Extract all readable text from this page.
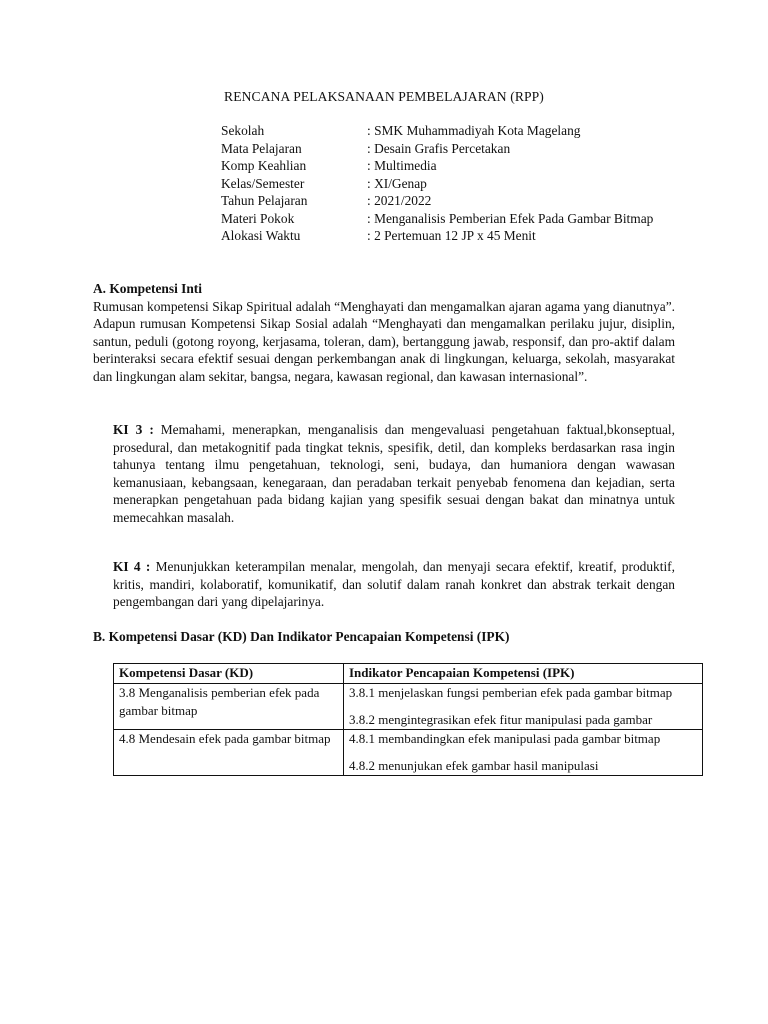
RENCANA PELAKSANAAN PEMBELAJARAN (RPP)
Sekolah	: SMK Muhammadiyah Kota Magelang
Mata Pelajaran	: Desain Grafis Percetakan
Komp Keahlian	: Multimedia
Kelas/Semester	: XI/Genap
Tahun Pelajaran	: 2021/2022
Materi Pokok	: Menganalisis Pemberian Efek Pada Gambar Bitmap
Alokasi Waktu	: 2 Pertemuan 12 JP x 45 Menit
A. Kompetensi Inti
Rumusan kompetensi Sikap Spiritual adalah “Menghayati dan mengamalkan ajaran agama yang dianutnya”. Adapun rumusan Kompetensi Sikap Sosial adalah “Menghayati dan mengamalkan perilaku jujur, disiplin, santun, peduli (gotong royong, kerjasama, toleran, dam), bertanggung jawab, responsif, dan pro-aktif dalam berinteraksi secara efektif sesuai dengan perkembangan anak di lingkungan, keluarga, sekolah, masyarakat dan lingkungan alam sekitar, bangsa, negara, kawasan regional, dan kawasan internasional”.
KI 3 : Memahami, menerapkan, menganalisis dan mengevaluasi pengetahuan faktual,bkonseptual, prosedural, dan metakognitif pada tingkat teknis, spesifik, detil, dan kompleks berdasarkan rasa ingin tahunya tentang ilmu pengetahuan, teknologi, seni, budaya, dan humaniora dengan wawasan kemanusiaan, kebangsaan, kenegaraan, dan peradaban terkait penyebab fenomena dan kejadian, serta menerapkan pengetahuan pada bidang kajian yang spesifik sesuai dengan bakat dan minatnya untuk memecahkan masalah.
KI 4 : Menunjukkan keterampilan menalar, mengolah, dan menyaji secara efektif, kreatif, produktif, kritis, mandiri, kolaboratif, komunikatif, dan solutif dalam ranah konkret dan abstrak terkait dengan pengembangan dari yang dipelajarinya.
B. Kompetensi Dasar (KD) Dan Indikator Pencapaian Kompetensi (IPK)
Kompetensi Dasar (KD)	Indikator Pencapaian Kompetensi (IPK)
3.8 Menganalisis pemberian efek pada gambar bitmap	3.8.1 menjelaskan fungsi pemberian efek pada gambar bitmap
3.8.2 mengintegrasikan efek fitur manipulasi pada gambar

4.8 Mendesain efek pada gambar bitmap	4.8.1 membandingkan efek manipulasi pada gambar bitmap
4.8.2 menunjukan efek gambar hasil manipulasi
